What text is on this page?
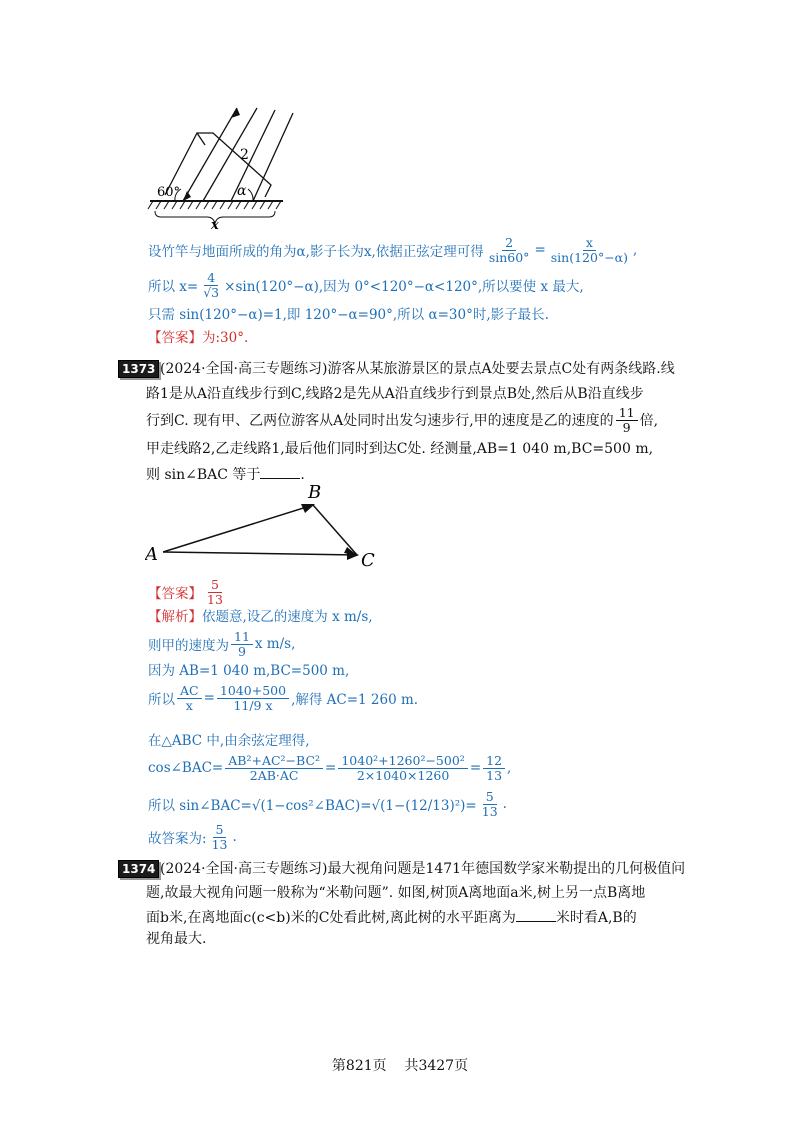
60°
2
α
x
设竹竿与地面所成的角为α,影子长为x,依据正弦定理可得 $\frac{2}{\sin 60^\circ} = \frac{x}{\sin(120^\circ-\alpha)}$ ,
所以 $x= \frac{4}{√3} \times\sin(120^\circ-\alpha)$,因为 0°<120°−α<120°,所以要使 x 最大,
只需 sin(120°−α)=1,即 120°−α=90°,所以 α=30°时,影子最长.
【答案】为:30°.
1373 (2024·全国·高三专题练习)游客从某旅游景区的景点A处要去景点C处有两条线路.线
路1是从A沿直线步行到C,线路2是先从A沿直线步行到景点B处,然后从B沿直线步
行到C. 现有甲、乙两位游客从A处同时出发匀速步行,甲的速度是乙的速度的 $\frac{11}{9}$ 倍,
甲走线路2,乙走线路1,最后他们同时到达C处. 经测量,AB=1 040 m,BC=500 m,
则 sin∠BAC 等于	.
A
B
C
【答案】 $\frac{5}{13}$
【解析】依题意,设乙的速度为 x m/s,
则甲的速度为 $\frac{11}{9}$ x m/s,
因为 AB=1 040 m,BC=500 m,
所以 $\frac{AC}{x} = \frac{1040+500}{11/9 x}$ ,解得 AC=1 260 m.
在△ABC 中,由余弦定理得,
cos∠BAC= $\frac{\text{AB²+AC²−BC²}}{2AB\cdot AC} = \frac{\text{1040²+1260²−500²}}{2\times 1040\times 1260} = \frac{12}{13}$ ,
所以 sin∠BAC=√(1−cos²∠BAC)=√(1−(12/13)²)= $\frac{5}{13}$ .
故答案为: $\frac{5}{13}$ .
1374 (2024·全国·高三专题练习)最大视角问题是1471年德国数学家米勒提出的几何极值问
题,故最大视角问题一般称为“米勒问题”. 如图,树顶A离地面a米,树上另一点B离地
面b米,在离地面c(c<b)米的C处看此树,离此树的水平距离为	米时看A,B的
视角最大.
第821页 共3427页
